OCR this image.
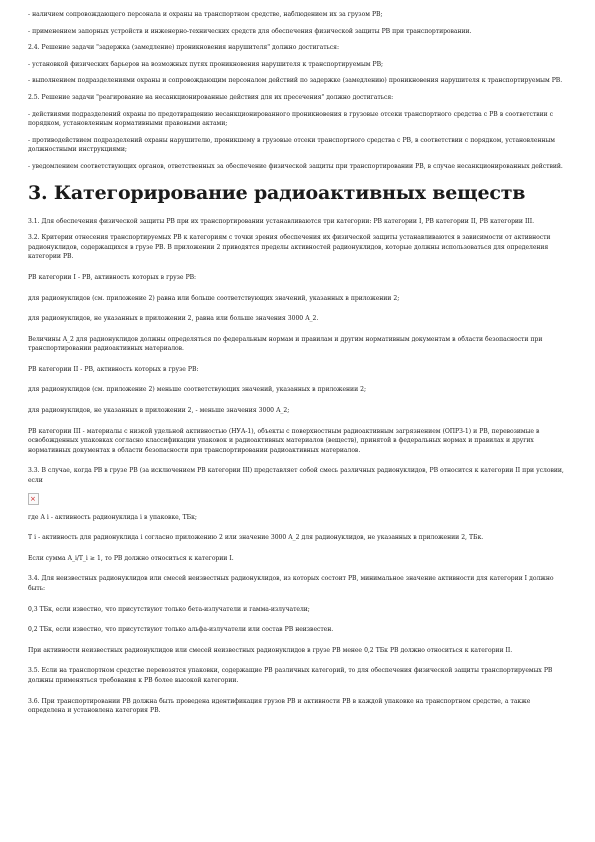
- наличием сопровождающего персонала и охраны на транспортном средстве, наблюдением их за грузом РВ;

- применением запорных устройств и инженерно-технических средств для обеспечения физической защиты РВ при транспортировании.

2.4. Решение задачи "задержка (замедление) проникновения нарушителя" должно достигаться:

- установкой физических барьеров на возможных путях проникновения нарушителя к транспортируемым РВ;

- выполнением подразделениями охраны и сопровождающим персоналом действий по задержке (замедлению) проникновения нарушителя к транспортируемым РВ.

2.5. Решение задачи "реагирование на несанкционированные действия для их пресечения" должно достигаться:

- действиями подразделений охраны по предотвращению несанкционированного проникновения в грузовые отсеки транспортного средства с РВ в соответствии с порядком, установленным нормативными правовыми актами;

- противодействием подразделений охраны нарушителю, проникшему в грузовые отсеки транспортного средства с РВ, в соответствии с порядком, установленным должностными инструкциями;

- уведомлением соответствующих органов, ответственных за обеспечение физической защиты при транспортировании РВ, в случае несанкционированных действий.

3. Категорирование радиоактивных веществ

3.1. Для обеспечения физической защиты РВ при их транспортировании устанавливаются три категории: РВ категории I, РВ категории II, РВ категории III.

3.2. Критерии отнесения транспортируемых РВ к категориям с точки зрения обеспечения их физической защиты устанавливаются в зависимости от активности радионуклидов, содержащихся в грузе РВ. В приложении 2 приводятся пределы активностей радионуклидов, которые должны использоваться для определения категории РВ.

РВ категории I - РВ, активность которых в грузе РВ:

для радионуклидов (см. приложение 2) равна или больше соответствующих значений, указанных в приложении 2;

для радионуклидов, не указанных в приложении 2, равна или больше значения 3000 A_2.

Величины A_2 для радионуклидов должны определяться по федеральным нормам и правилам и другим нормативным документам в области безопасности при транспортировании радиоактивных материалов.

РВ категории II - РВ, активность которых в грузе РВ:

для радионуклидов (см. приложение 2) меньше соответствующих значений, указанных в приложении 2;

для радионуклидов, не указанных в приложении 2, - меньше значения 3000 A_2;

РВ категории III - материалы с низкой удельной активностью (НУА-1), объекты с поверхностным радиоактивным загрязнением (ОПРЗ-1) и РВ, перевозимые в освобожденных упаковках согласно классификации упаковок и радиоактивных материалов (веществ), принятой в федеральных нормах и правилах и других нормативных документах в области безопасности при транспортировании радиоактивных материалов.

3.3. В случае, когда РВ в грузе РВ (за исключением РВ категории III) представляет собой смесь различных радионуклидов, РВ относится к категории II при условии, если

×

где A i - активность радионуклида i в упаковке, ТБк;

T i - активность для радионуклида i согласно приложению 2 или значение 3000 A_2 для радионуклидов, не указанных в приложении 2, ТБк.

Если сумма A_i/T_i ≥ 1, то РВ должно относиться к категории I.

3.4. Для неизвестных радионуклидов или смесей неизвестных радионуклидов, из которых состоит РВ, минимальное значение активности для категории I должно быть:

0,3 ТБк, если известно, что присутствуют только бета-излучатели и гамма-излучатели;

0,2 ТБк, если известно, что присутствуют только альфа-излучатели или состав РВ неизвестен.

При активности неизвестных радионуклидов или смесей неизвестных радионуклидов в грузе РВ менее 0,2 ТБк РВ должно относиться к категории II.

3.5. Если на транспортном средстве перевозятся упаковки, содержащие РВ различных категорий, то для обеспечения физической защиты транспортируемых РВ должны применяться требования к РВ более высокой категории.

3.6. При транспортировании РВ должна быть проведена идентификация грузов РВ и активности РВ в каждой упаковке на транспортном средстве, а также определена и установлена категория РВ.
